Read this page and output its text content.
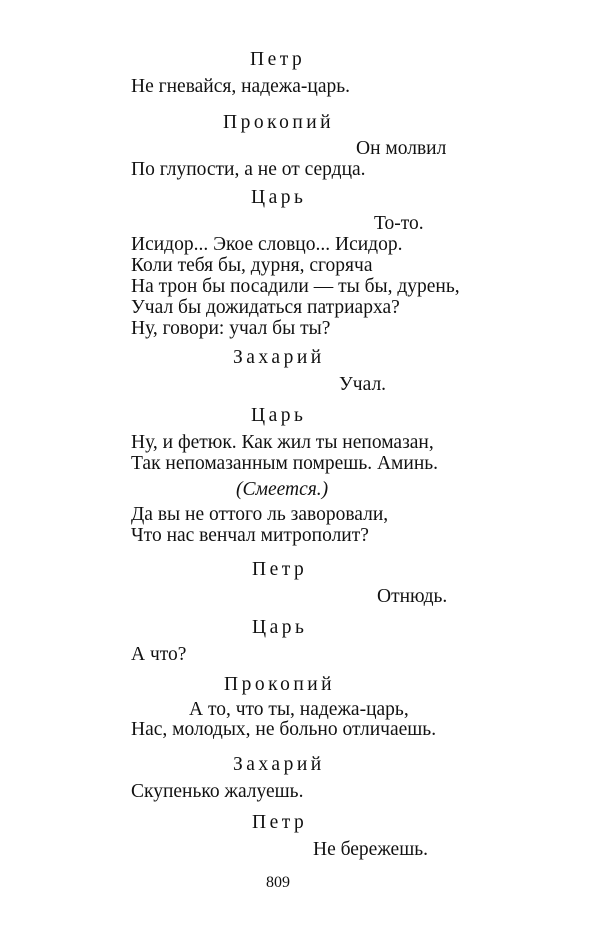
Петр
Не гневайся, надежа-царь.
Прокопий
Он молвил
По глупости, а не от сердца.
Царь
То-то.
Исидор... Экое словцо... Исидор.
Коли тебя бы, дурня, сгоряча
На трон бы посадили — ты бы, дурень,
Учал бы дожидаться патриарха?
Ну, говори: учал бы ты?
Захарий
Учал.
Царь
Ну, и фетюк. Как жил ты непомазан,
Так непомазанным помрешь. Аминь.
(Смеется.)
Да вы не оттого ль заворовали,
Что нас венчал митрополит?
Петр
Отнюдь.
Царь
А что?
Прокопий
А то, что ты, надежа-царь,
Нас, молодых, не больно отличаешь.
Захарий
Скупенько жалуешь.
Петр
Не бережешь.
809
